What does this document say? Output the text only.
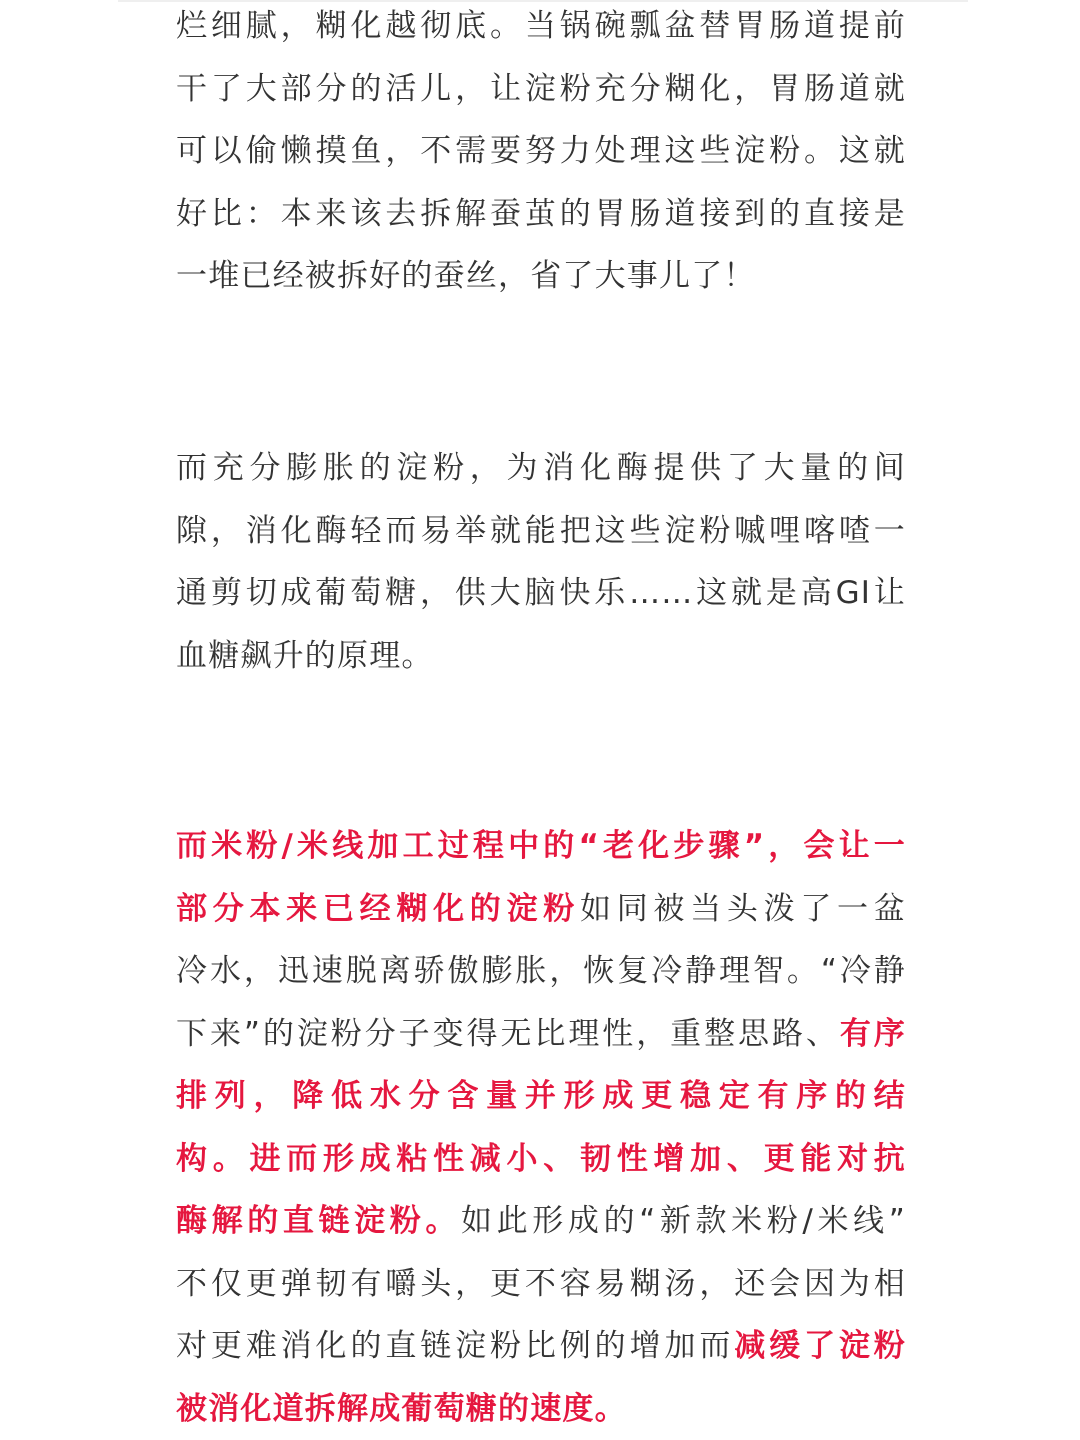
烂细腻，糊化越彻底。当锅碗瓢盆替胃肠道提前
干了大部分的活儿，让淀粉充分糊化，胃肠道就
可以偷懒摸鱼，不需要努力处理这些淀粉。这就
好比：本来该去拆解蚕茧的胃肠道接到的直接是
一堆已经被拆好的蚕丝，省了大事儿了！

而充分膨胀的淀粉，为消化酶提供了大量的间
隙，消化酶轻而易举就能把这些淀粉嘁哩喀喳一
通剪切成葡萄糖，供大脑快乐……这就是高GI让
血糖飙升的原理。

而米粉/米线加工过程中的“老化步骤”，会让一
部分本来已经糊化的淀粉如同被当头泼了一盆
冷水，迅速脱离骄傲膨胀，恢复冷静理智。“冷静
下来”的淀粉分子变得无比理性，重整思路、有序
排列，降低水分含量并形成更稳定有序的结
构。进而形成粘性减小、韧性增加、更能对抗
酶解的直链淀粉。如此形成的“新款米粉/米线”
不仅更弹韧有嚼头，更不容易糊汤，还会因为相
对更难消化的直链淀粉比例的增加而减缓了淀粉
被消化道拆解成葡萄糖的速度。
